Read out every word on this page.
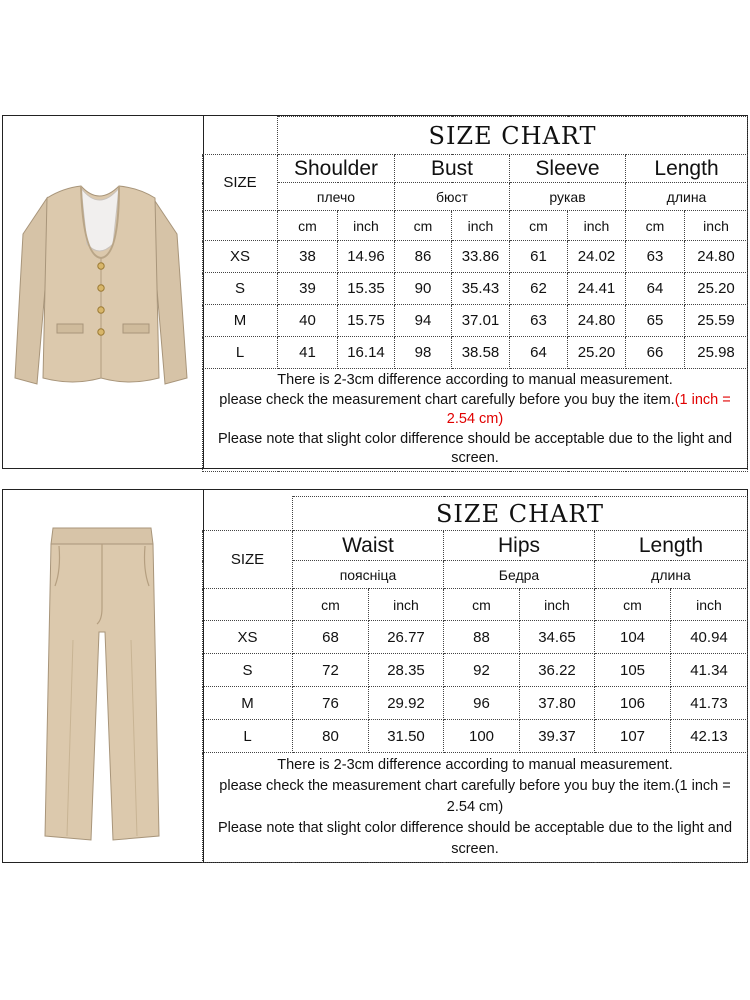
	SIZE CHART							
SIZE	Shoulder		Bust		Sleeve		Length	
	плечо		бюст		рукав		длина	
	cm	inch	cm	inch	cm	inch	cm	inch
XS	38	14.96	86	33.86	61	24.02	63	24.80
S	39	15.35	90	35.43	62	24.41	64	25.20
M	40	15.75	94	37.01	63	24.80	65	25.59
L	41	16.14	98	38.58	64	25.20	66	25.98
There is 2-3cm difference according to manual measurement.
please check the measurement chart carefully before you buy the item.(1 inch = 2.54 cm)
Please note that slight color difference should be acceptable due to the light and screen.								
	SIZE CHART					
SIZE	Waist		Hips		Length	
	пояснiца		Бедра		длина	
	cm	inch	cm	inch	cm	inch
XS	68	26.77	88	34.65	104	40.94
S	72	28.35	92	36.22	105	41.34
M	76	29.92	96	37.80	106	41.73
L	80	31.50	100	39.37	107	42.13
There is 2-3cm difference according to manual measurement.
please check the measurement chart carefully before you buy the item.(1 inch = 2.54 cm)
Please note that slight color difference should be acceptable due to the light and screen.						
